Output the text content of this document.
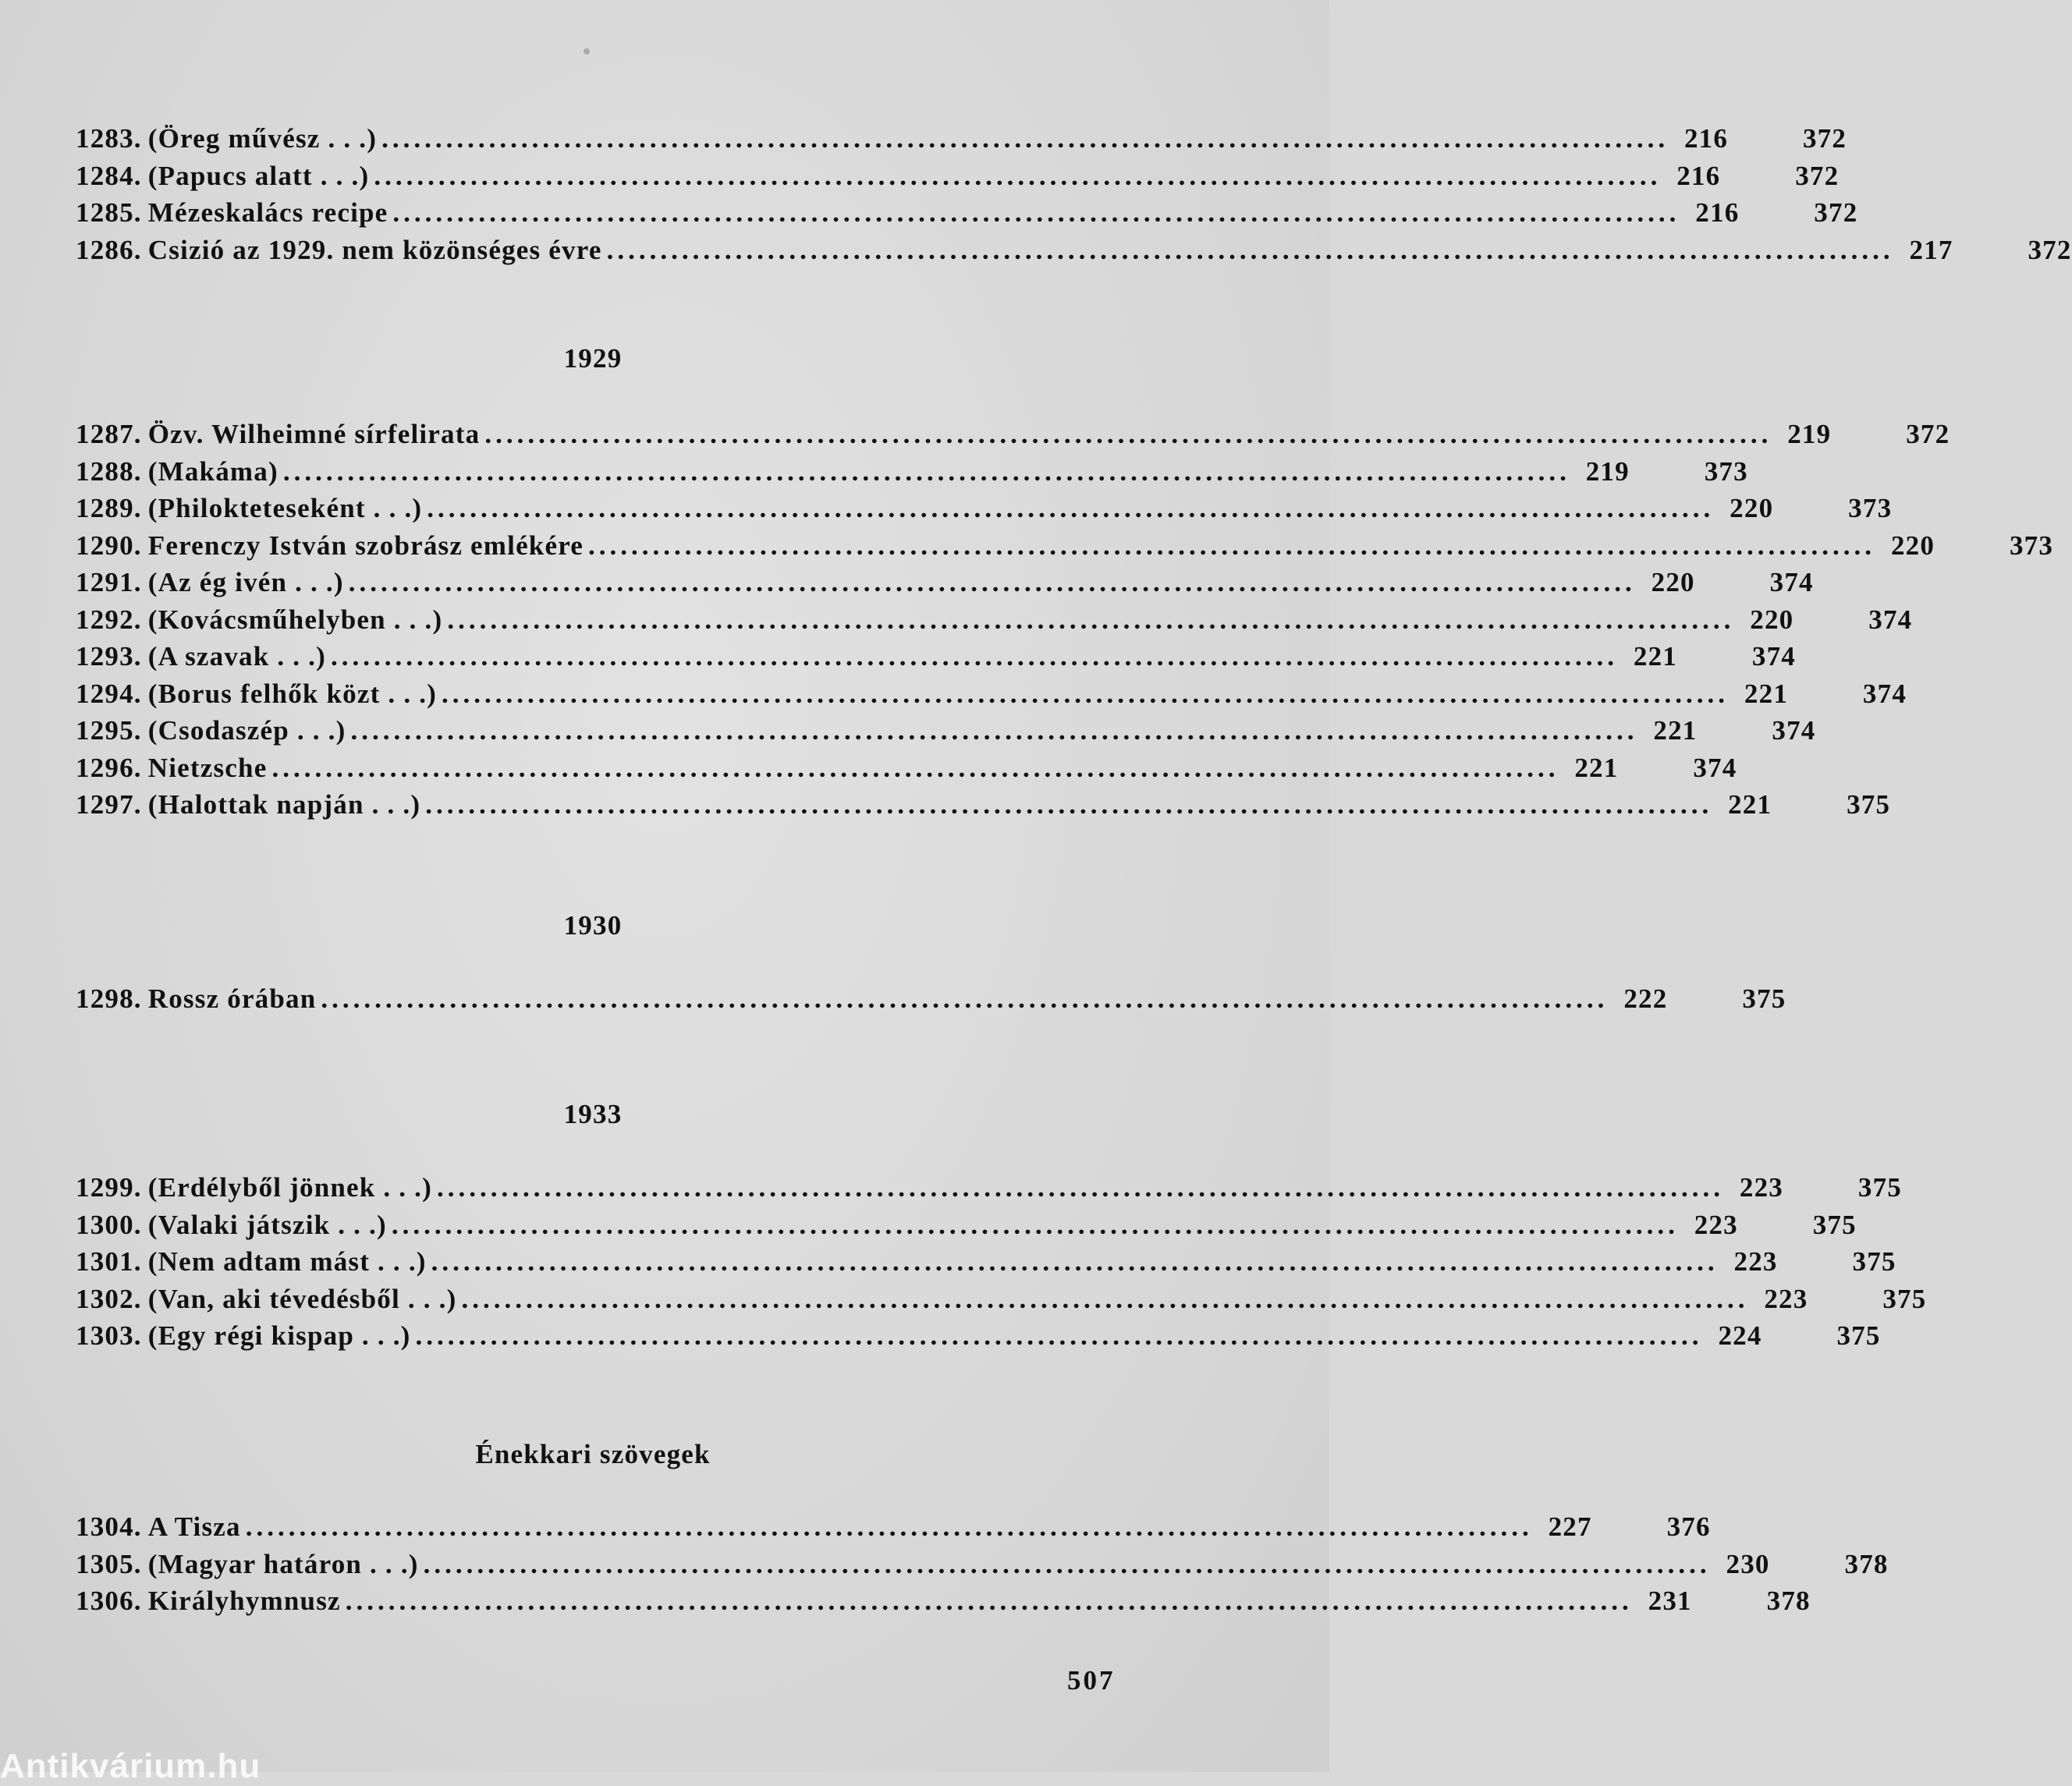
1283. (Öreg művész . . .) ........................................................................................................................ 216	372
1284. (Papucs alatt . . .) ........................................................................................................................ 216	372
1285. Mézeskalács recipe ........................................................................................................................ 216	372
1286. Csizió az 1929. nem közönséges évre ........................................................................................................................ 217	372
1929
1287. Özv. Wilheimné sírfelirata ........................................................................................................................ 219	372
1288. (Makáma) ........................................................................................................................ 219	373
1289. (Philokteteseként . . .) ........................................................................................................................ 220	373
1290. Ferenczy István szobrász emlékére ........................................................................................................................ 220	373
1291. (Az ég ivén . . .) ........................................................................................................................ 220	374
1292. (Kovácsműhelyben . . .) ........................................................................................................................ 220	374
1293. (A szavak . . .) ........................................................................................................................ 221	374
1294. (Borus felhők közt . . .) ........................................................................................................................ 221	374
1295. (Csodaszép . . .) ........................................................................................................................ 221	374
1296. Nietzsche ........................................................................................................................ 221	374
1297. (Halottak napján . . .) ........................................................................................................................ 221	375
1930
1298. Rossz órában ........................................................................................................................ 222	375
1933
1299. (Erdélyből jönnek . . .) ........................................................................................................................ 223	375
1300. (Valaki játszik . . .) ........................................................................................................................ 223	375
1301. (Nem adtam mást . . .) ........................................................................................................................ 223	375
1302. (Van, aki tévedésből . . .) ........................................................................................................................ 223	375
1303. (Egy régi kispap . . .) ........................................................................................................................ 224	375
Énekkari szövegek
1304. A Tisza ........................................................................................................................ 227	376
1305. (Magyar határon . . .) ........................................................................................................................ 230	378
1306. Királyhymnusz ........................................................................................................................ 231	378
507
Antikvárium.hu
